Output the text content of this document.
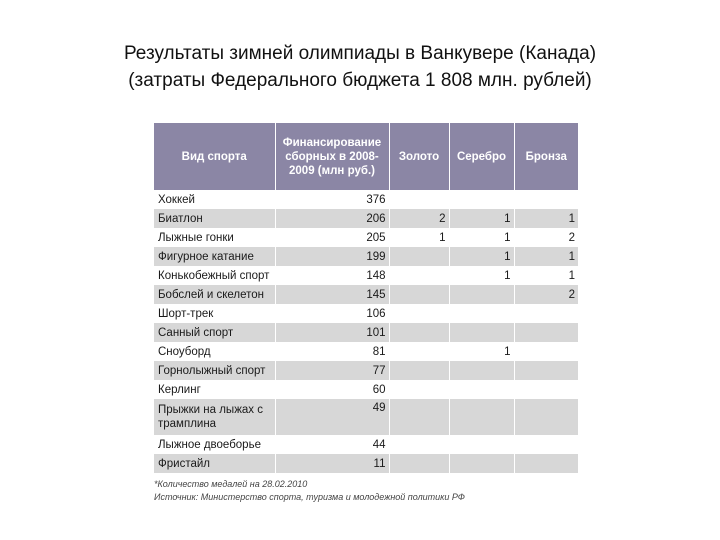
Результаты зимней олимпиады в Ванкувере (Канада)
(затраты Федерального бюджета 1 808 млн. рублей)
Вид спорта	Финансирование сборных в 2008-2009 (млн руб.)	Золото	Серебро	Бронза
Хоккей	376			
Биатлон	206	2	1	1
Лыжные гонки	205	1	1	2
Фигурное катание	199		1	1
Конькобежный спорт	148		1	1
Бобслей и скелетон	145			2
Шорт-трек	106			
Санный спорт	101			
Сноуборд	81		1	
Горнолыжный спорт	77			
Керлинг	60			
Прыжки на лыжах с трамплина	49			
Лыжное двоеборье	44			
Фристайл	11			
*Количество медалей на 28.02.2010
Источник: Министерство спорта, туризма и молодежной политики РФ
